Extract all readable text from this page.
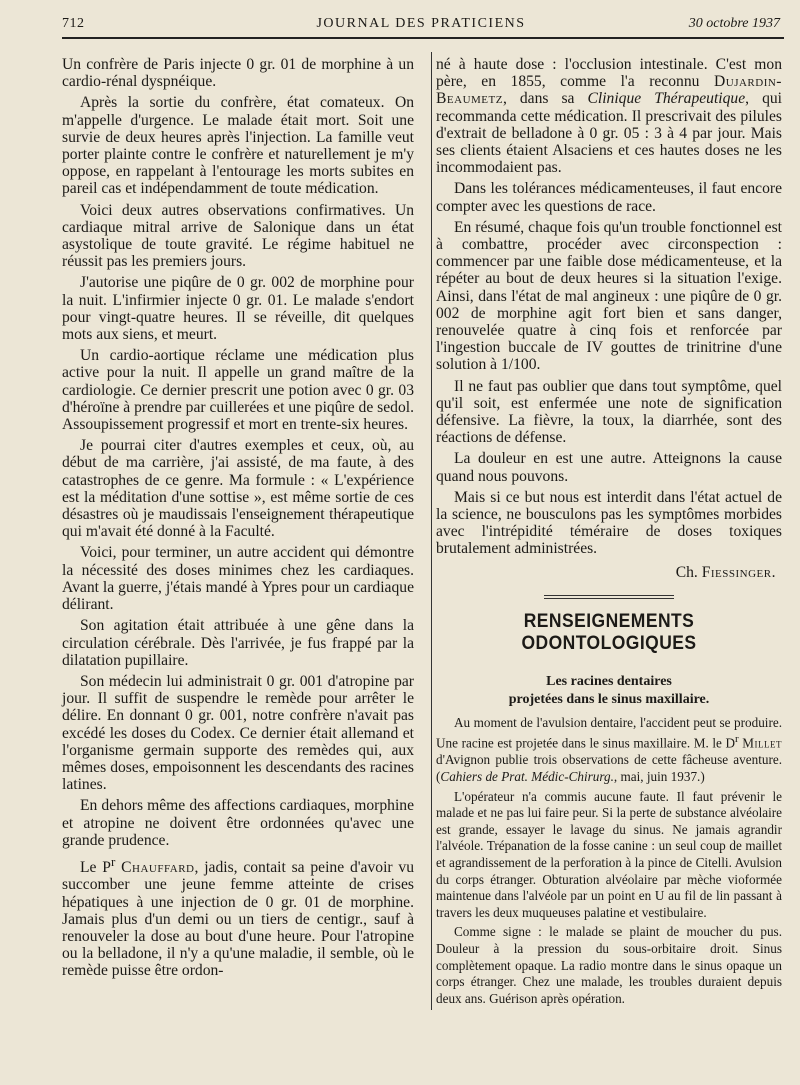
712	JOURNAL DES PRATICIENS	30 octobre 1937

Un confrère de Paris injecte 0 gr. 01 de morphine à un cardio-rénal dyspnéique.

Après la sortie du confrère, état comateux. On m'appelle d'urgence. Le malade était mort. Soit une survie de deux heures après l'injection. La famille veut porter plainte contre le confrère et naturellement je m'y oppose, en rappelant à l'entourage les morts subites en pareil cas et indépendamment de toute médication.

Voici deux autres observations confirmatives. Un cardiaque mitral arrive de Salonique dans un état asystolique de toute gravité. Le régime habituel ne réussit pas les premiers jours.

J'autorise une piqûre de 0 gr. 002 de morphine pour la nuit. L'infirmier injecte 0 gr. 01. Le malade s'endort pour vingt-quatre heures. Il se réveille, dit quelques mots aux siens, et meurt.

Un cardio-aortique réclame une médication plus active pour la nuit. Il appelle un grand maître de la cardiologie. Ce dernier prescrit une potion avec 0 gr. 03 d'héroïne à prendre par cuillerées et une piqûre de sedol. Assoupissement progressif et mort en trente-six heures.

Je pourrai citer d'autres exemples et ceux, où, au début de ma carrière, j'ai assisté, de ma faute, à des catastrophes de ce genre. Ma formule : « L'expérience est la méditation d'une sottise », est même sortie de ces désastres où je maudissais l'enseignement thérapeutique qui m'avait été donné à la Faculté.

Voici, pour terminer, un autre accident qui démontre la nécessité des doses minimes chez les cardiaques. Avant la guerre, j'étais mandé à Ypres pour un cardiaque délirant.

Son agitation était attribuée à une gêne dans la circulation cérébrale. Dès l'arrivée, je fus frappé par la dilatation pupillaire.

Son médecin lui administrait 0 gr. 001 d'atropine par jour. Il suffit de suspendre le remède pour arrêter le délire. En donnant 0 gr. 001, notre confrère n'avait pas excédé les doses du Codex. Ce dernier était allemand et l'organisme germain supporte des remèdes qui, aux mêmes doses, empoisonnent les descendants des racines latines.

En dehors même des affections cardiaques, morphine et atropine ne doivent être ordonnées qu'avec une grande prudence.

Le $P^r$ Chauffard, jadis, contait sa peine d'avoir vu succomber une jeune femme atteinte de crises hépatiques à une injection de 0 gr. 01 de morphine. Jamais plus d'un demi ou un tiers de centigr., sauf à renouveler la dose au bout d'une heure. Pour l'atropine ou la belladone, il n'y a qu'une maladie, il semble, où le remède puisse être ordon-

né à haute dose : l'occlusion intestinale. C'est mon père, en 1855, comme l'a reconnu Dujardin-Beaumetz, dans sa Clinique Thérapeutique, qui recommanda cette médication. Il prescrivait des pilules d'extrait de belladone à 0 gr. 05 : 3 à 4 par jour. Mais ses clients étaient Alsaciens et ces hautes doses ne les incommodaient pas.

Dans les tolérances médicamenteuses, il faut encore compter avec les questions de race.

En résumé, chaque fois qu'un trouble fonctionnel est à combattre, procéder avec circonspection : commencer par une faible dose médicamenteuse, et la répéter au bout de deux heures si la situation l'exige. Ainsi, dans l'état de mal angineux : une piqûre de 0 gr. 002 de morphine agit fort bien et sans danger, renouvelée quatre à cinq fois et renforcée par l'ingestion buccale de IV gouttes de trinitrine d'une solution à 1/100.

Il ne faut pas oublier que dans tout symptôme, quel qu'il soit, est enfermée une note de signification défensive. La fièvre, la toux, la diarrhée, sont des réactions de défense.

La douleur en est une autre. Atteignons la cause quand nous pouvons.

Mais si ce but nous est interdit dans l'état actuel de la science, ne bousculons pas les symptômes morbides avec l'intrépidité téméraire de doses toxiques brutalement administrées.

Ch. Fiessinger.

RENSEIGNEMENTS ODONTOLOGIQUES
Les racines dentaires
projetées dans le sinus maxillaire.

Au moment de l'avulsion dentaire, l'accident peut se produire. Une racine est projetée dans le sinus maxillaire. M. le $D^r$ Millet d'Avignon publie trois observations de cette fâcheuse aventure. (Cahiers de Prat. Médic-Chirurg., mai, juin 1937.)

L'opérateur n'a commis aucune faute. Il faut prévenir le malade et ne pas lui faire peur. Si la perte de substance alvéolaire est grande, essayer le lavage du sinus. Ne jamais agrandir l'alvéole. Trépanation de la fosse canine : un seul coup de maillet et agrandissement de la perforation à la pince de Citelli. Avulsion du corps étranger. Obturation alvéolaire par mèche vioformée maintenue dans l'alvéole par un point en U au fil de lin passant à travers les deux muqueuses palatine et vestibulaire.

Comme signe : le malade se plaint de moucher du pus. Douleur à la pression du sous-orbitaire droit. Sinus complètement opaque. La radio montre dans le sinus opaque un corps étranger. Chez une malade, les troubles duraient depuis deux ans. Guérison après opération.
